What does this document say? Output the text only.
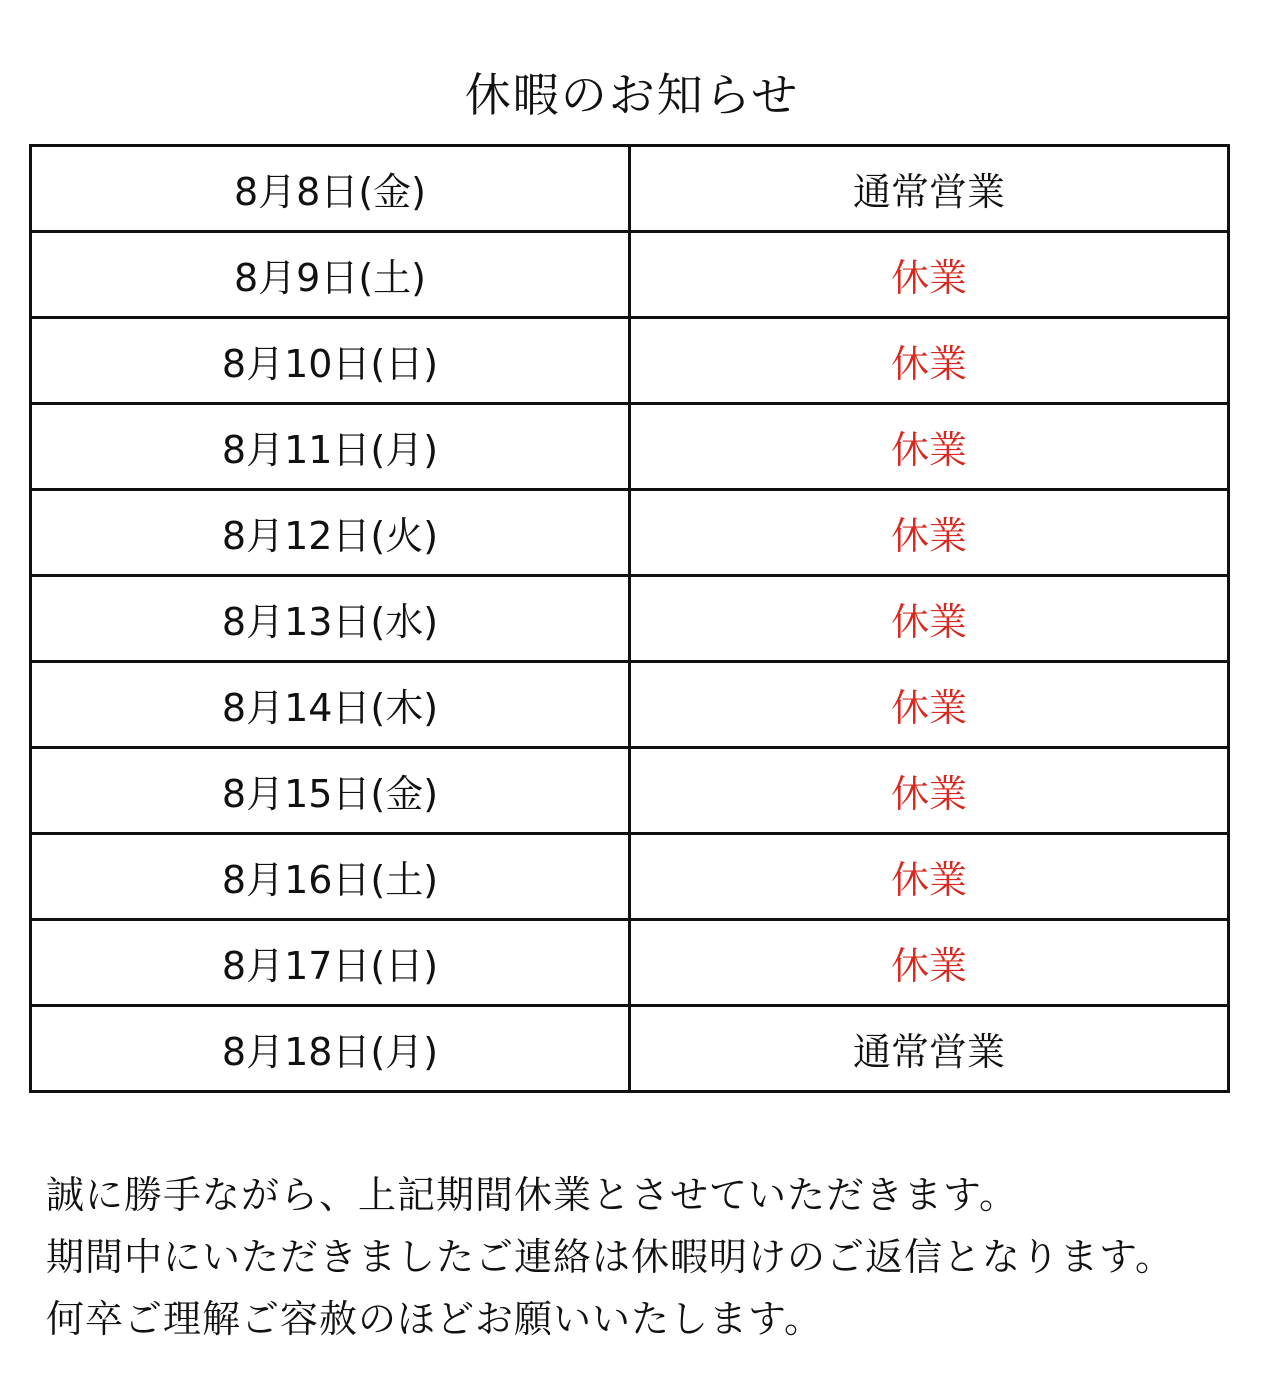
休暇のお知らせ
8月8日(金)	通常営業
8月9日(土)	休業
8月10日(日)	休業
8月11日(月)	休業
8月12日(火)	休業
8月13日(水)	休業
8月14日(木)	休業
8月15日(金)	休業
8月16日(土)	休業
8月17日(日)	休業
8月18日(月)	通常営業
誠に勝手ながら、上記期間休業とさせていただきます。
期間中にいただきましたご連絡は休暇明けのご返信となります。
何卒ご理解ご容赦のほどお願いいたします。
